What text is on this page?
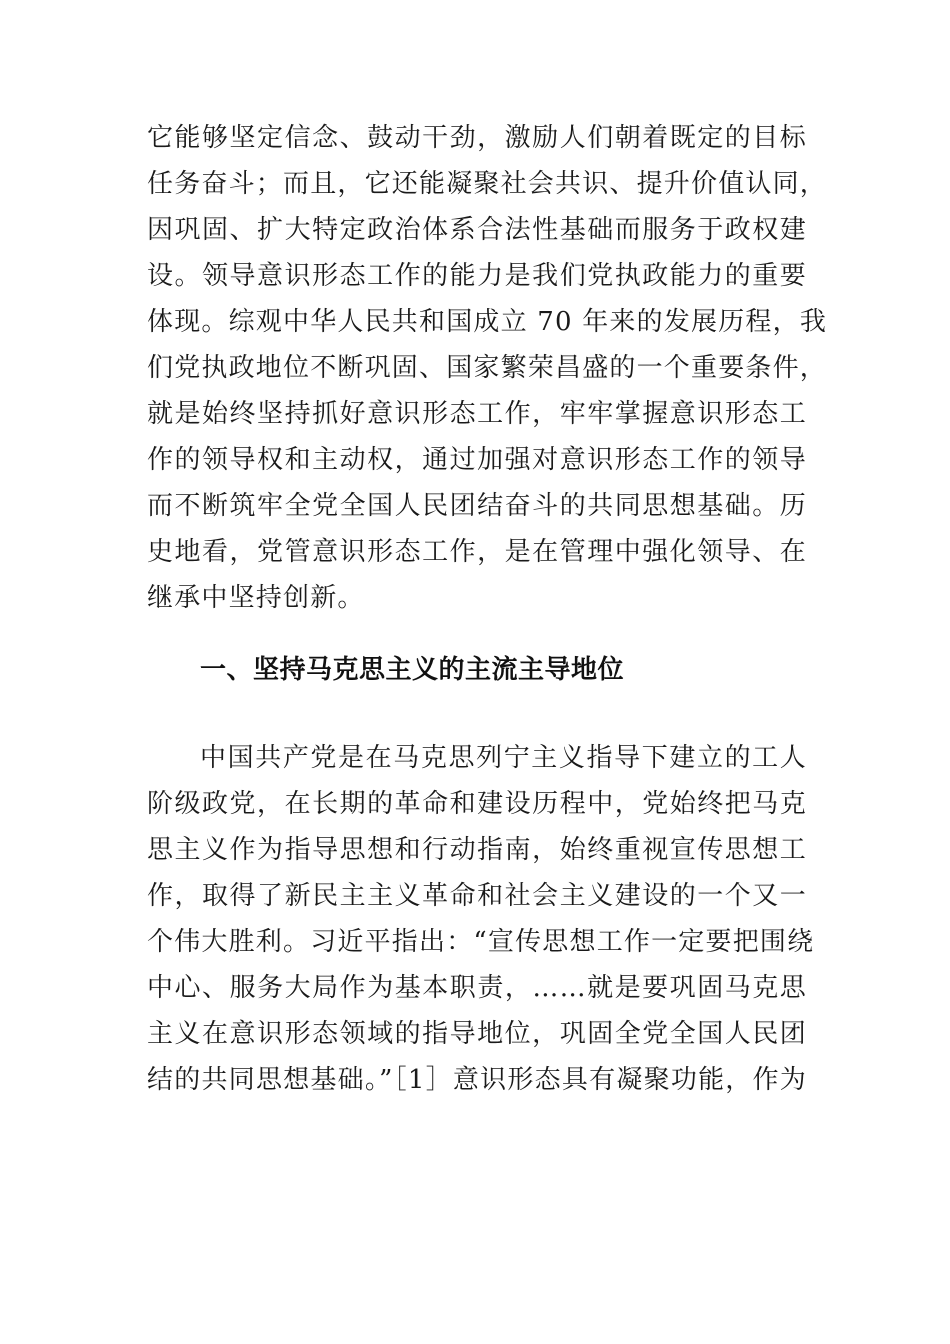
它能够坚定信念、鼓动干劲，激励人们朝着既定的目标
任务奋斗；而且，它还能凝聚社会共识、提升价值认同，
因巩固、扩大特定政治体系合法性基础而服务于政权建
设。领导意识形态工作的能力是我们党执政能力的重要
体现。综观中华人民共和国成立 70 年来的发展历程，我
们党执政地位不断巩固、国家繁荣昌盛的一个重要条件，
就是始终坚持抓好意识形态工作，牢牢掌握意识形态工
作的领导权和主动权，通过加强对意识形态工作的领导
而不断筑牢全党全国人民团结奋斗的共同思想基础。历
史地看，党管意识形态工作，是在管理中强化领导、在
继承中坚持创新。
一、坚持马克思主义的主流主导地位
中国共产党是在马克思列宁主义指导下建立的工人
阶级政党，在长期的革命和建设历程中，党始终把马克
思主义作为指导思想和行动指南，始终重视宣传思想工
作，取得了新民主主义革命和社会主义建设的一个又一
个伟大胜利。习近平指出：“宣传思想工作一定要把围绕
中心、服务大局作为基本职责，……就是要巩固马克思
主义在意识形态领域的指导地位，巩固全党全国人民团
结的共同思想基础。”［1］意识形态具有凝聚功能，作为
